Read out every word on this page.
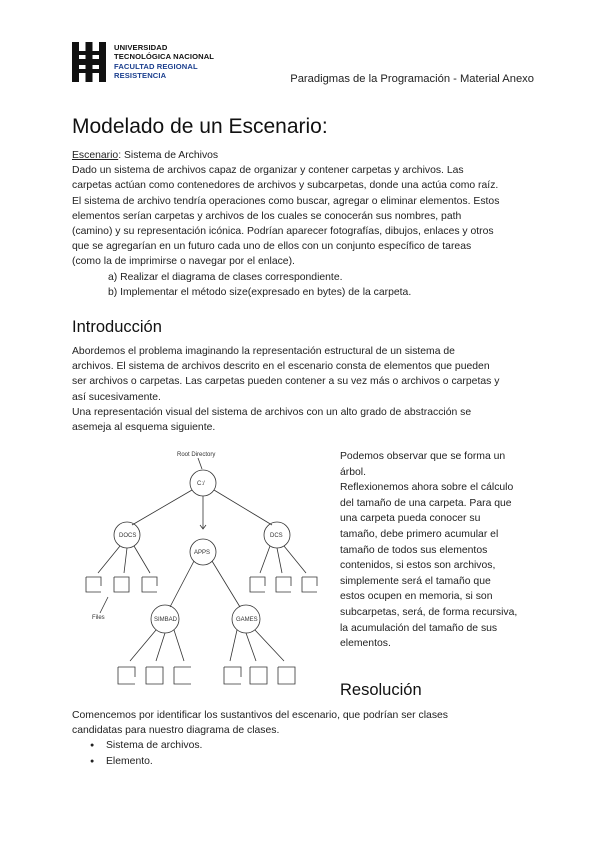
UNIVERSIDAD
TECNOLÓGICA NACIONAL
FACULTAD REGIONAL
RESISTENCIA	Paradigmas de la Programación - Material Anexo
Modelado de un Escenario:

Escenario: Sistema de Archivos

Dado un sistema de archivos capaz de organizar y contener carpetas y archivos. Las

carpetas actúan como contenedores de archivos y subcarpetas, donde una actúa como raíz.

El sistema de archivo tendría operaciones como buscar, agregar o eliminar elementos. Estos

elementos serían carpetas y archivos de los cuales se conocerán sus nombres, path

(camino) y su representación icónica. Podrían aparecer fotografías, dibujos, enlaces y otros

que se agregarían en un futuro cada uno de ellos con un conjunto específico de tareas

(como la de imprimirse o navegar por el enlace).

a) Realizar el diagrama de clases correspondiente.

b) Implementar el método size(expresado en bytes) de la carpeta.

Introducción

Abordemos el problema imaginando la representación estructural de un sistema de

archivos. El sistema de archivos descrito en el escenario consta de elementos que pueden

ser archivos o carpetas. Las carpetas pueden contener a su vez más o archivos o carpetas y

así sucesivamente.

Una representación visual del sistema de archivos con un alto grado de abstracción se

asemeja al esquema siguiente.

Root Directory
C:/
DOCS
APPS
DCS
Files	SIMBAD	GAMES

Podemos observar que se forma un

árbol.

Reflexionemos ahora sobre el cálculo

del tamaño de una carpeta. Para que

una carpeta pueda conocer su

tamaño, debe primero acumular el

tamaño de todos sus elementos

contenidos, si estos son archivos,

simplemente será el tamaño que

estos ocupen en memoria, si son

subcarpetas, será, de forma recursiva,

la acumulación del tamaño de sus

elementos.

Resolución

Comencemos por identificar los sustantivos del escenario, que podrían ser clases

candidatas para nuestro diagrama de clases.

● Sistema de archivos.
● Elemento.
